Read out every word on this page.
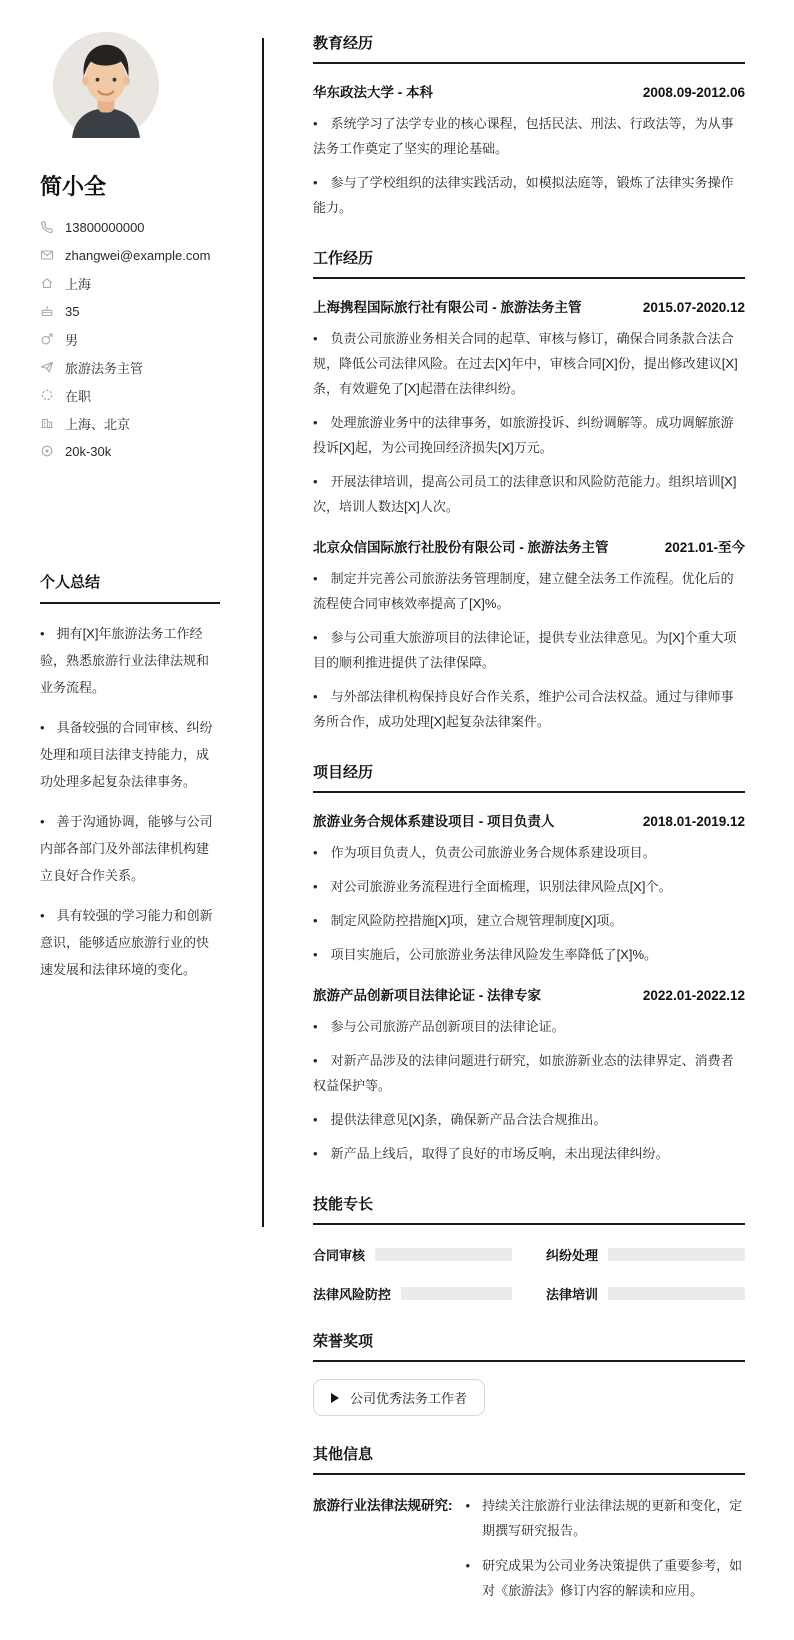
简小全
13800000000
zhangwei@example.com
上海
35
男
旅游法务主管
在职
上海、北京
20k-30k
个人总结

• 拥有[X]年旅游法务工作经验，熟悉旅游行业法律法规和业务流程。

• 具备较强的合同审核、纠纷处理和项目法律支持能力，成功处理多起复杂法律事务。

• 善于沟通协调，能够与公司内部各部门及外部法律机构建立良好合作关系。

• 具有较强的学习能力和创新意识，能够适应旅游行业的快速发展和法律环境的变化。

教育经历
华东政法大学 - 本科	2008.09-2012.06

• 系统学习了法学专业的核心课程，包括民法、刑法、行政法等，为从事法务工作奠定了坚实的理论基础。

• 参与了学校组织的法律实践活动，如模拟法庭等，锻炼了法律实务操作能力。

工作经历
上海携程国际旅行社有限公司 - 旅游法务主管	2015.07-2020.12

• 负责公司旅游业务相关合同的起草、审核与修订，确保合同条款合法合规，降低公司法律风险。在过去[X]年中，审核合同[X]份，提出修改建议[X]条，有效避免了[X]起潜在法律纠纷。

• 处理旅游业务中的法律事务，如旅游投诉、纠纷调解等。成功调解旅游投诉[X]起，为公司挽回经济损失[X]万元。

• 开展法律培训，提高公司员工的法律意识和风险防范能力。组织培训[X]次，培训人数达[X]人次。

北京众信国际旅行社股份有限公司 - 旅游法务主管	2021.01-至今

• 制定并完善公司旅游法务管理制度，建立健全法务工作流程。优化后的流程使合同审核效率提高了[X]%。

• 参与公司重大旅游项目的法律论证，提供专业法律意见。为[X]个重大项目的顺利推进提供了法律保障。

• 与外部法律机构保持良好合作关系，维护公司合法权益。通过与律师事务所合作，成功处理[X]起复杂法律案件。

项目经历
旅游业务合规体系建设项目 - 项目负责人	2018.01-2019.12

• 作为项目负责人，负责公司旅游业务合规体系建设项目。

• 对公司旅游业务流程进行全面梳理，识别法律风险点[X]个。

• 制定风险防控措施[X]项，建立合规管理制度[X]项。

• 项目实施后，公司旅游业务法律风险发生率降低了[X]%。

旅游产品创新项目法律论证 - 法律专家	2022.01-2022.12

• 参与公司旅游产品创新项目的法律论证。

• 对新产品涉及的法律问题进行研究，如旅游新业态的法律界定、消费者权益保护等。

• 提供法律意见[X]条，确保新产品合法合规推出。

• 新产品上线后，取得了良好的市场反响，未出现法律纠纷。

技能专长
合同审核	纠纷处理
法律风险防控	法律培训
荣誉奖项
公司优秀法务工作者
其他信息
旅游行业法律法规研究: • 持续关注旅游行业法律法规的更新和变化，定期撰写研究报告。
• 研究成果为公司业务决策提供了重要参考，如对《旅游法》修订内容的解读和应用。
